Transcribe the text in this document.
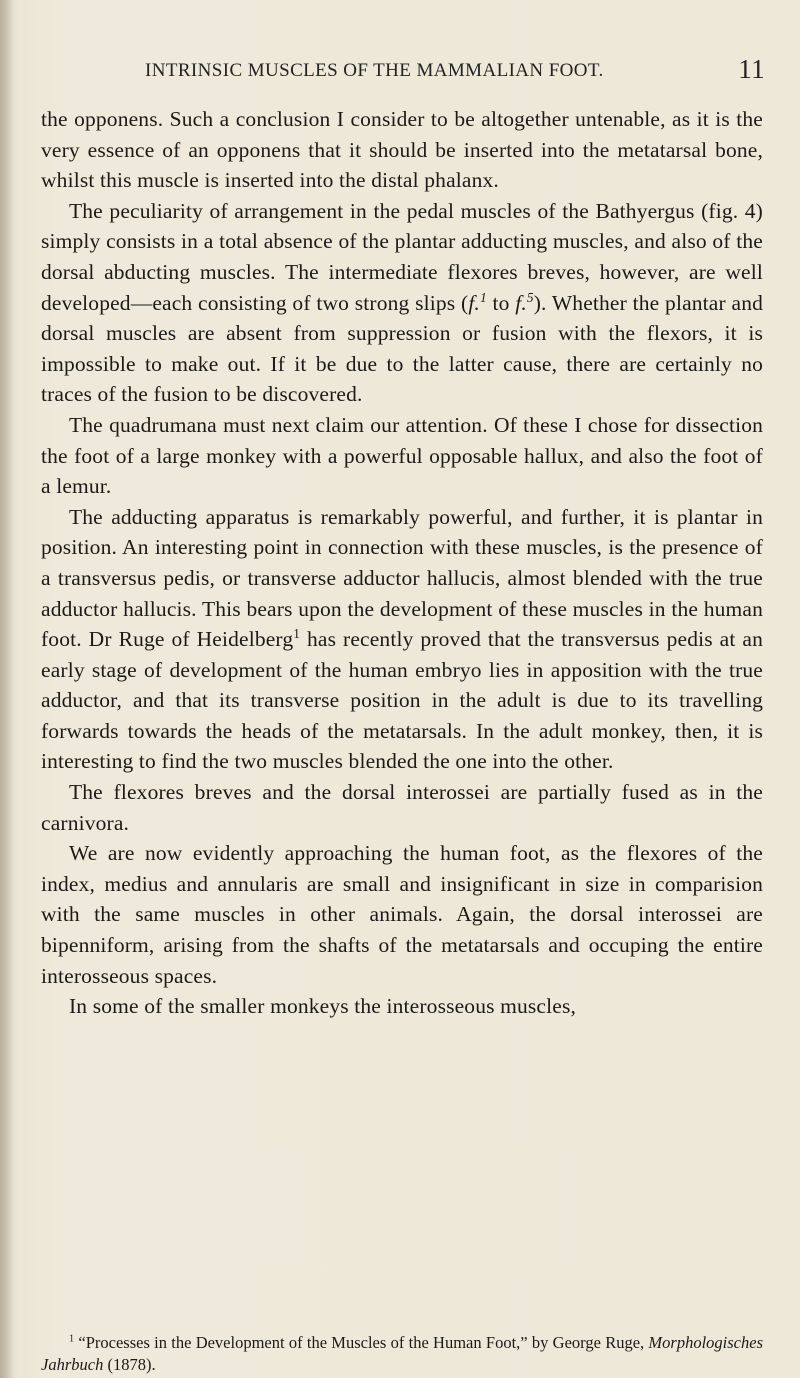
INTRINSIC MUSCLES OF THE MAMMALIAN FOOT.	11

the opponens. Such a conclusion I consider to be altogether untenable, as it is the very essence of an opponens that it should be inserted into the metatarsal bone, whilst this muscle is inserted into the distal phalanx.

The peculiarity of arrangement in the pedal muscles of the Bathyergus (fig. 4) simply consists in a total absence of the plantar adducting muscles, and also of the dorsal abducting muscles. The intermediate flexores breves, however, are well developed—each consisting of two strong slips (f.$^1$ to f.$^5$). Whether the plantar and dorsal muscles are absent from suppression or fusion with the flexors, it is impossible to make out. If it be due to the latter cause, there are certainly no traces of the fusion to be discovered.

The quadrumana must next claim our attention. Of these I chose for dissection the foot of a large monkey with a powerful opposable hallux, and also the foot of a lemur.

The adducting apparatus is remarkably powerful, and further, it is plantar in position. An interesting point in connection with these muscles, is the presence of a transversus pedis, or transverse adductor hallucis, almost blended with the true adductor hallucis. This bears upon the development of these muscles in the human foot. Dr Ruge of Heidelberg$^1$ has recently proved that the transversus pedis at an early stage of development of the human embryo lies in apposition with the true adductor, and that its transverse position in the adult is due to its travelling forwards towards the heads of the metatarsals. In the adult monkey, then, it is interesting to find the two muscles blended the one into the other.

The flexores breves and the dorsal interossei are partially fused as in the carnivora.

We are now evidently approaching the human foot, as the flexores of the index, medius and annularis are small and insignificant in size in comparision with the same muscles in other animals. Again, the dorsal interossei are bipenniform, arising from the shafts of the metatarsals and occuping the entire interosseous spaces.

In some of the smaller monkeys the interosseous muscles,

$^1$ “Processes in the Development of the Muscles of the Human Foot,” by George Ruge, Morphologisches Jahrbuch (1878).
